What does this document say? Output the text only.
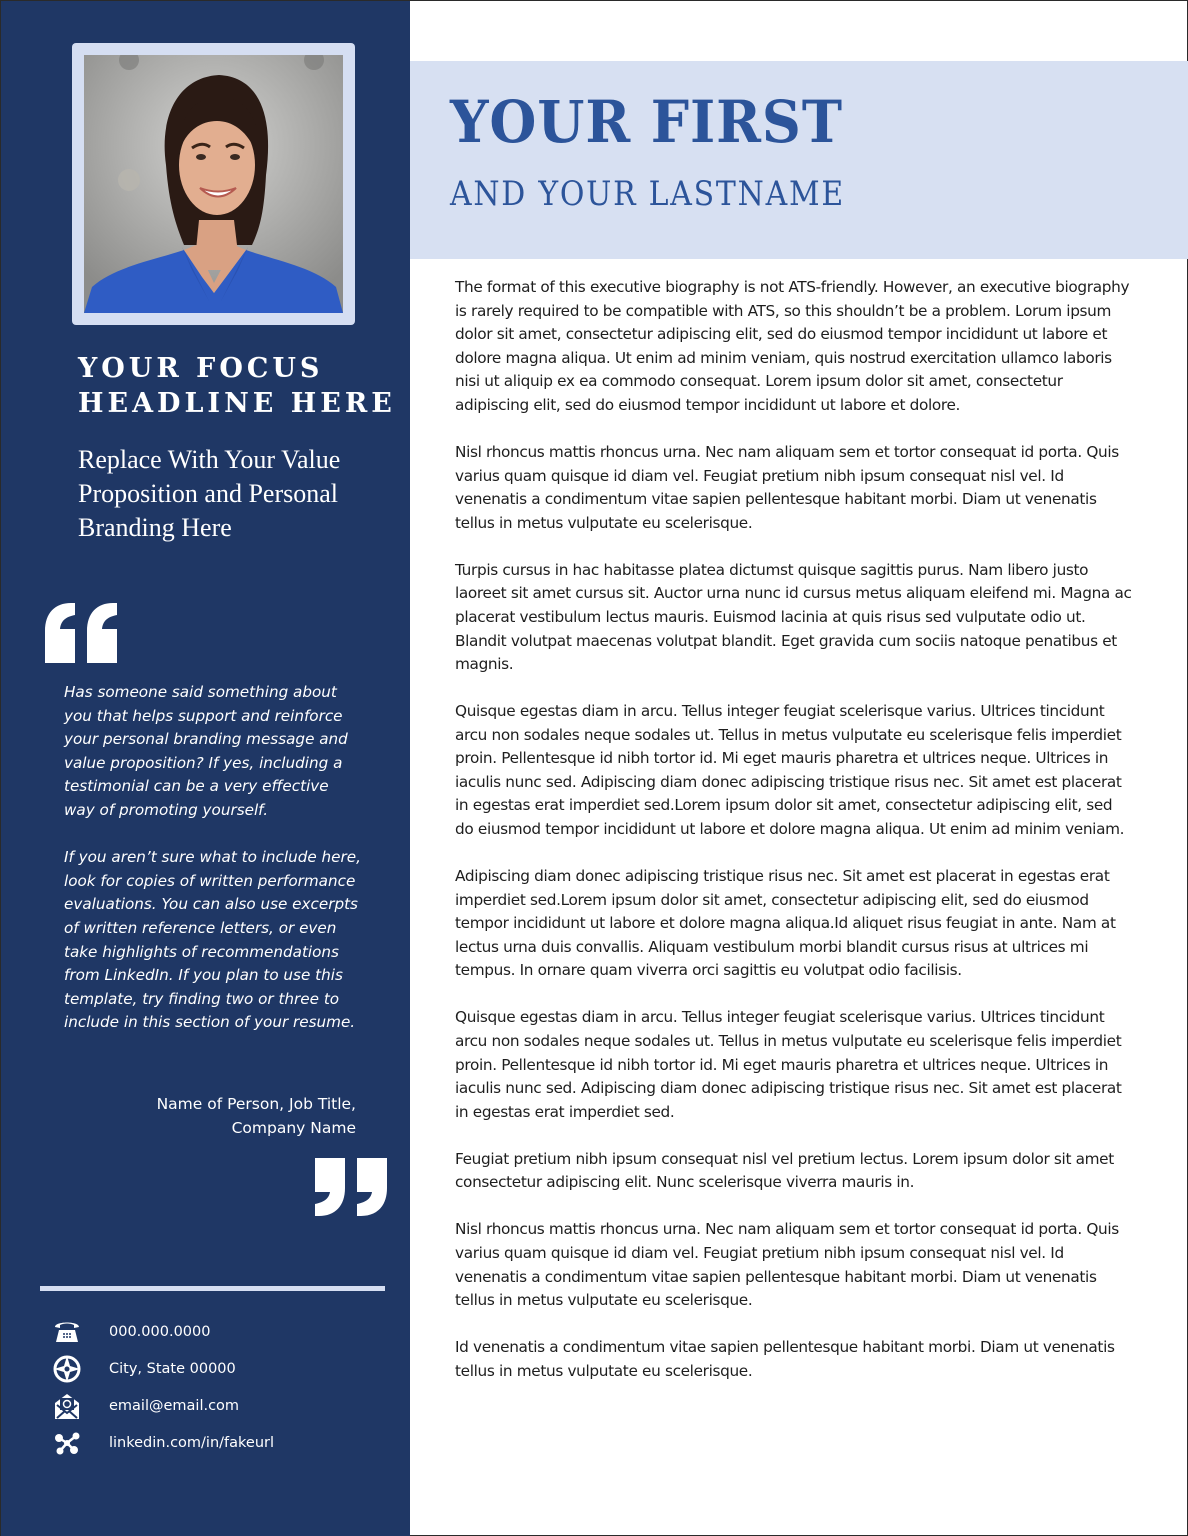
YOUR FOCUS
HEADLINE HERE
Replace With Your Value Proposition and Personal Branding Here

Has someone said something about you that helps support and reinforce your personal branding message and value proposition? If yes, including a testimonial can be a very effective way of promoting yourself.

If you aren’t sure what to include here, look for copies of written performance evaluations. You can also use excerpts of written reference letters, or even take highlights of recommendations from LinkedIn. If you plan to use this template, try finding two or three to include in this section of your resume.

Name of Person, Job Title,
Company Name
000.000.0000
City, State 00000
email@email.com
linkedin.com/in/fakeurl
YOUR FIRST
AND YOUR LASTNAME

The format of this executive biography is not ATS-friendly. However, an executive biography is rarely required to be compatible with ATS, so this shouldn’t be a problem. Lorum ipsum dolor sit amet, consectetur adipiscing elit, sed do eiusmod tempor incididunt ut labore et dolore magna aliqua. Ut enim ad minim veniam, quis nostrud exercitation ullamco laboris nisi ut aliquip ex ea commodo consequat. Lorem ipsum dolor sit amet, consectetur adipiscing elit, sed do eiusmod tempor incididunt ut labore et dolore.

Nisl rhoncus mattis rhoncus urna. Nec nam aliquam sem et tortor consequat id porta. Quis varius quam quisque id diam vel. Feugiat pretium nibh ipsum consequat nisl vel. Id venenatis a condimentum vitae sapien pellentesque habitant morbi. Diam ut venenatis tellus in metus vulputate eu scelerisque.

Turpis cursus in hac habitasse platea dictumst quisque sagittis purus. Nam libero justo laoreet sit amet cursus sit. Auctor urna nunc id cursus metus aliquam eleifend mi. Magna ac placerat vestibulum lectus mauris. Euismod lacinia at quis risus sed vulputate odio ut. Blandit volutpat maecenas volutpat blandit. Eget gravida cum sociis natoque penatibus et magnis.

Quisque egestas diam in arcu. Tellus integer feugiat scelerisque varius. Ultrices tincidunt arcu non sodales neque sodales ut. Tellus in metus vulputate eu scelerisque felis imperdiet proin. Pellentesque id nibh tortor id. Mi eget mauris pharetra et ultrices neque. Ultrices in iaculis nunc sed. Adipiscing diam donec adipiscing tristique risus nec. Sit amet est placerat in egestas erat imperdiet sed.Lorem ipsum dolor sit amet, consectetur adipiscing elit, sed do eiusmod tempor incididunt ut labore et dolore magna aliqua. Ut enim ad minim veniam.

Adipiscing diam donec adipiscing tristique risus nec. Sit amet est placerat in egestas erat imperdiet sed.Lorem ipsum dolor sit amet, consectetur adipiscing elit, sed do eiusmod tempor incididunt ut labore et dolore magna aliqua.Id aliquet risus feugiat in ante. Nam at lectus urna duis convallis. Aliquam vestibulum morbi blandit cursus risus at ultrices mi tempus. In ornare quam viverra orci sagittis eu volutpat odio facilisis.

Quisque egestas diam in arcu. Tellus integer feugiat scelerisque varius. Ultrices tincidunt arcu non sodales neque sodales ut. Tellus in metus vulputate eu scelerisque felis imperdiet proin. Pellentesque id nibh tortor id. Mi eget mauris pharetra et ultrices neque. Ultrices in iaculis nunc sed. Adipiscing diam donec adipiscing tristique risus nec. Sit amet est placerat in egestas erat imperdiet sed.

Feugiat pretium nibh ipsum consequat nisl vel pretium lectus. Lorem ipsum dolor sit amet consectetur adipiscing elit. Nunc scelerisque viverra mauris in.

Nisl rhoncus mattis rhoncus urna. Nec nam aliquam sem et tortor consequat id porta. Quis varius quam quisque id diam vel. Feugiat pretium nibh ipsum consequat nisl vel. Id venenatis a condimentum vitae sapien pellentesque habitant morbi. Diam ut venenatis tellus in metus vulputate eu scelerisque.

Id venenatis a condimentum vitae sapien pellentesque habitant morbi. Diam ut venenatis tellus in metus vulputate eu scelerisque.
